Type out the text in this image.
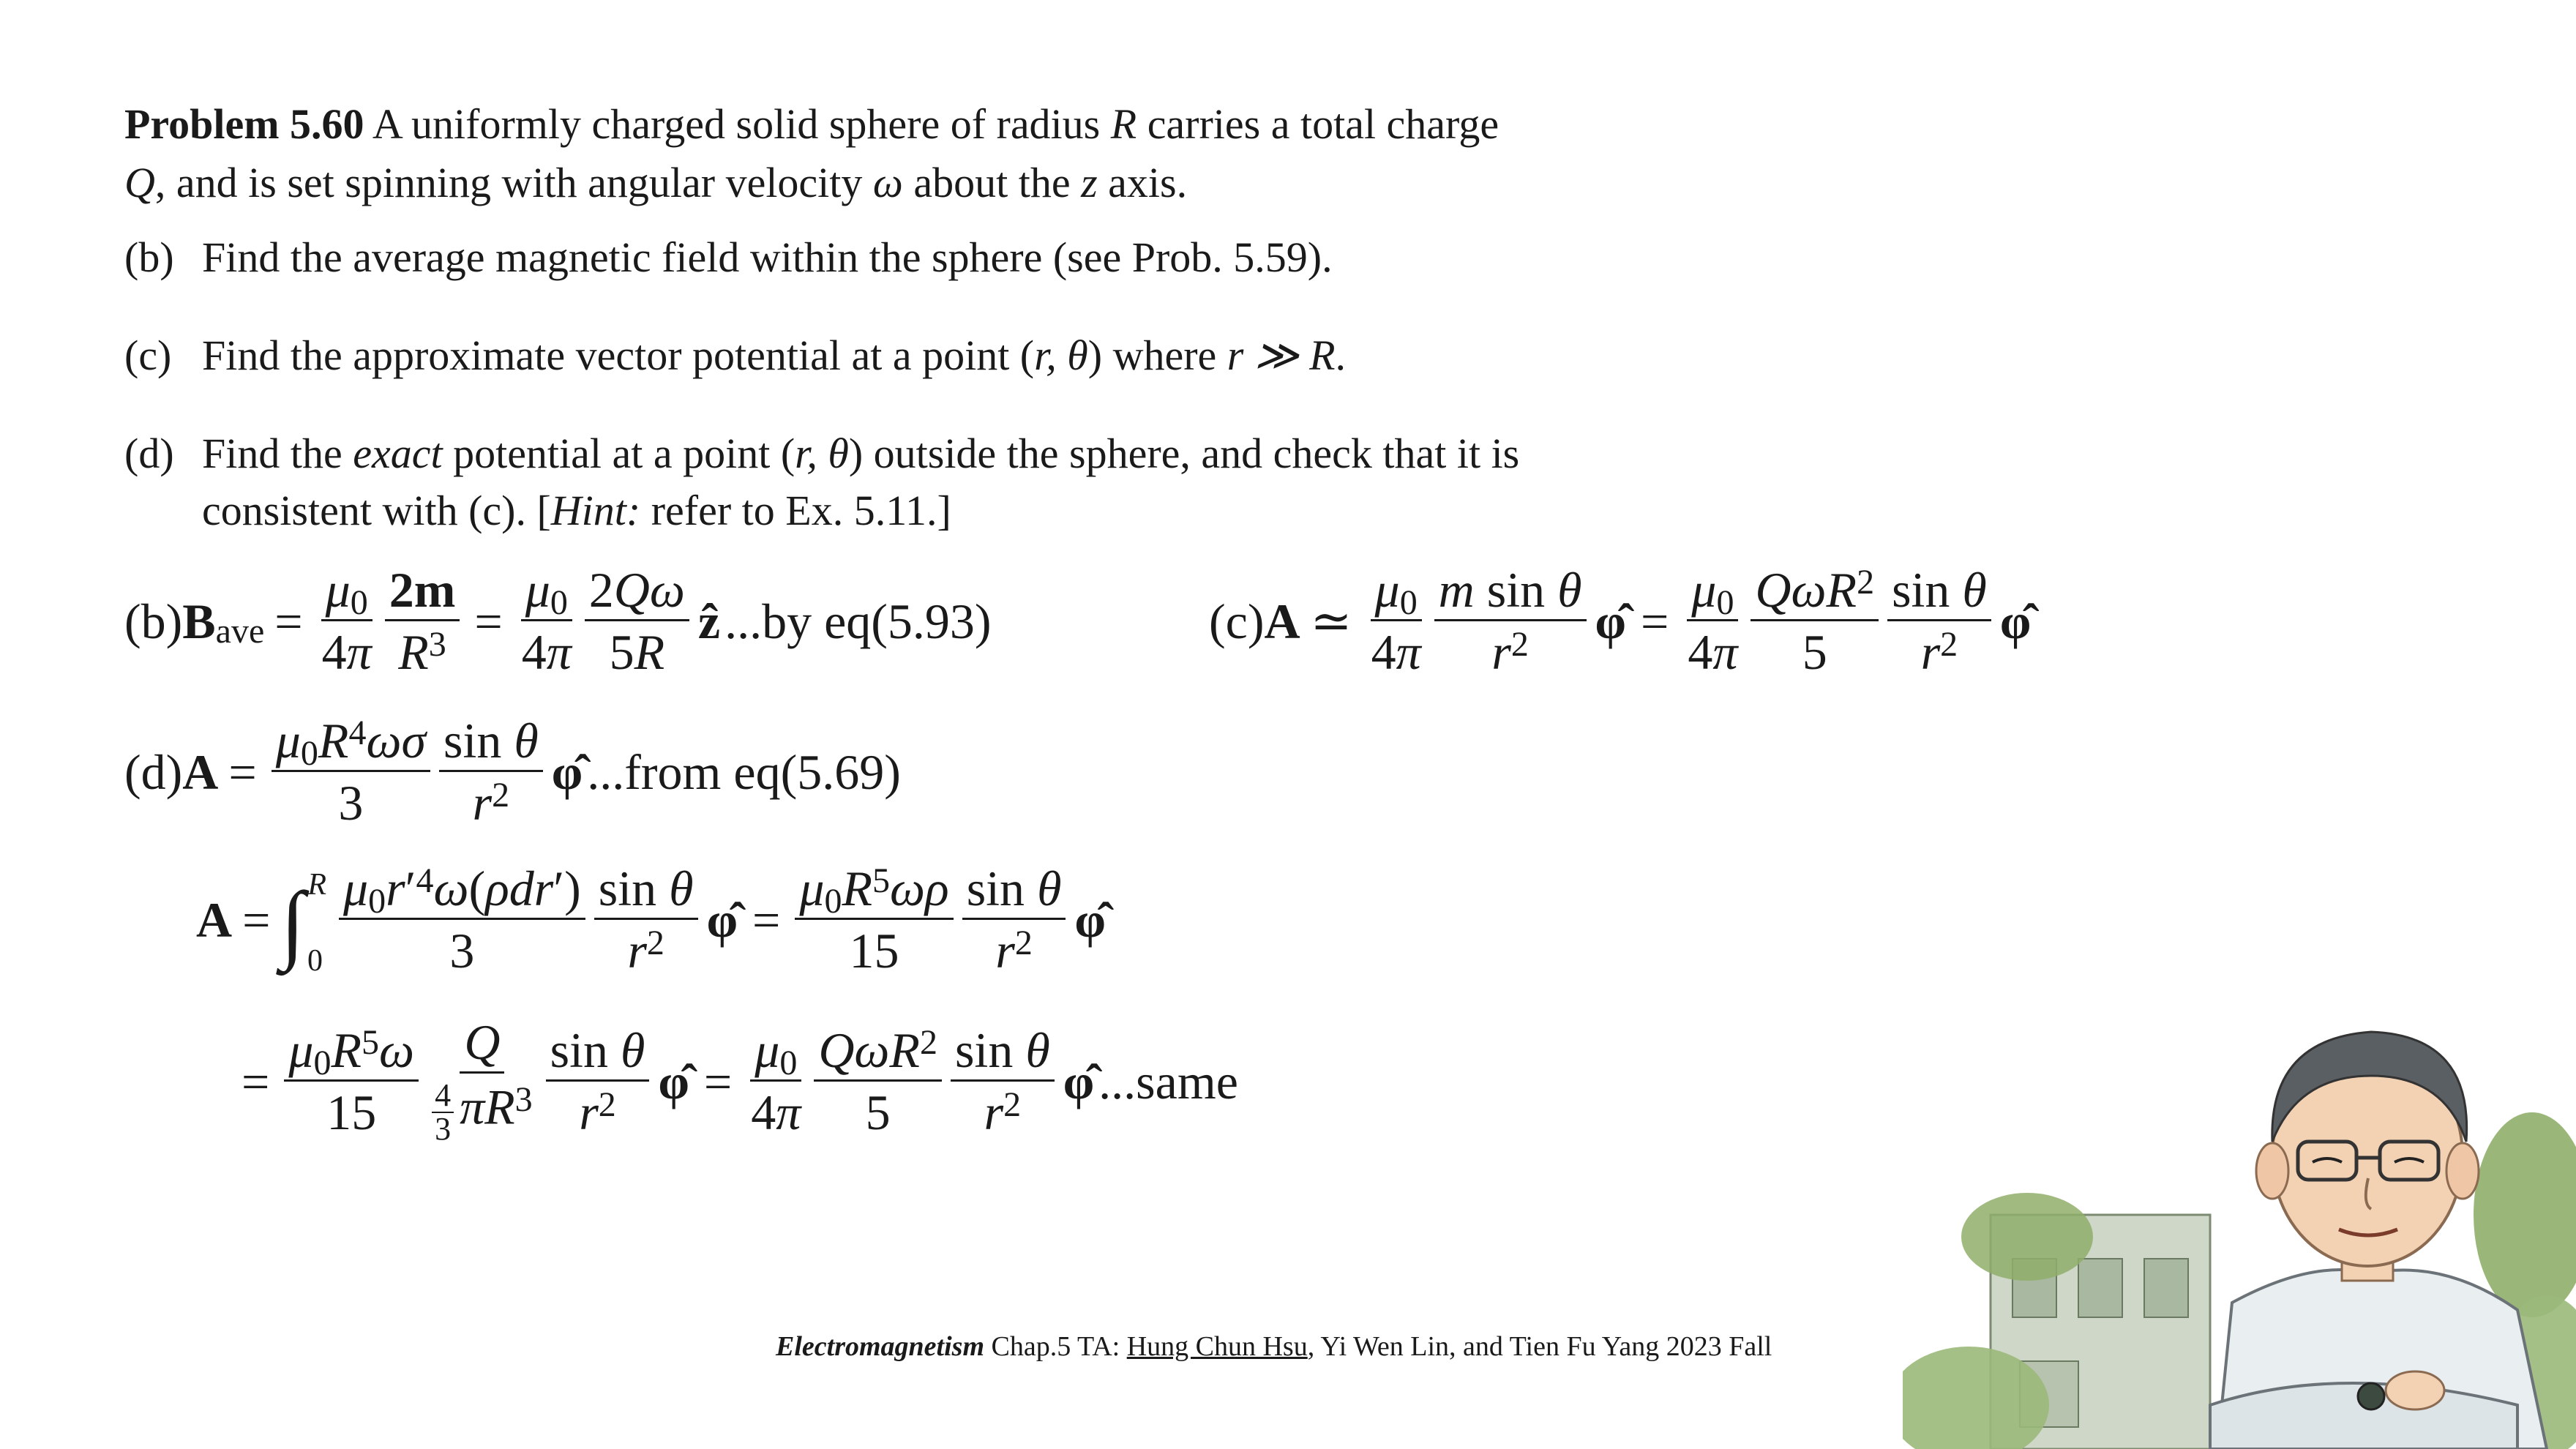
Problem 5.60 A uniformly charged solid sphere of radius R carries a total charge
Q, and is set spinning with angular velocity ω about the z axis.
(b) Find the average magnetic field within the sphere (see Prob. 5.59).
(c) Find the approximate vector potential at a point (r, θ) where r ≫ R.
(d) Find the exact potential at a point (r, θ) outside the sphere, and check that it is
consistent with (c). [Hint: refer to Ex. 5.11.]
(b) B ave = $\frac{\mu 0}{4\pi} \frac{2m}{R^3} = \frac{\mu 0}{4\pi} \frac{2Q\omega}{5R}$ ẑ ...by eq(5.93)	(c) A ≃ $\frac{\mu 0}{4\pi} \frac{\text{m sin θ}}{r^2}$ φ̂ = $\frac{\mu 0}{4\pi} \frac{Q\omega R^2}{5} \frac{\text{sin θ}}{r^2}$ φ̂
(d) $A = \frac{\mu 0R^4\omega\sigma}{3} \frac{\text{sin θ}}{r^2}$ φ̂ ...from eq(5.69)
A = ∫ R
$0 \frac{\mu 0r'^4\omega(\rho dr')}{3} \frac{\text{sin θ}}{r^2}$ φ̂ = $\frac{\mu 0R^5\omega\rho}{15} \frac{\text{sin θ}}{r^2}$ φ̂
= $\frac{\mu 0R^5\omega}{15} \frac{Q}{\frac{4}{3} \pi R^3} \frac{\text{sin θ}}{r^2}$ φ̂ = $\frac{\mu 0}{4\pi} \frac{Q\omega R^2}{5} \frac{\text{sin θ}}{r^2}$ φ̂ ...same
Electromagnetism Chap.5 TA: Hung Chun Hsu, Yi Wen Lin, and Tien Fu Yang 2023 Fall
